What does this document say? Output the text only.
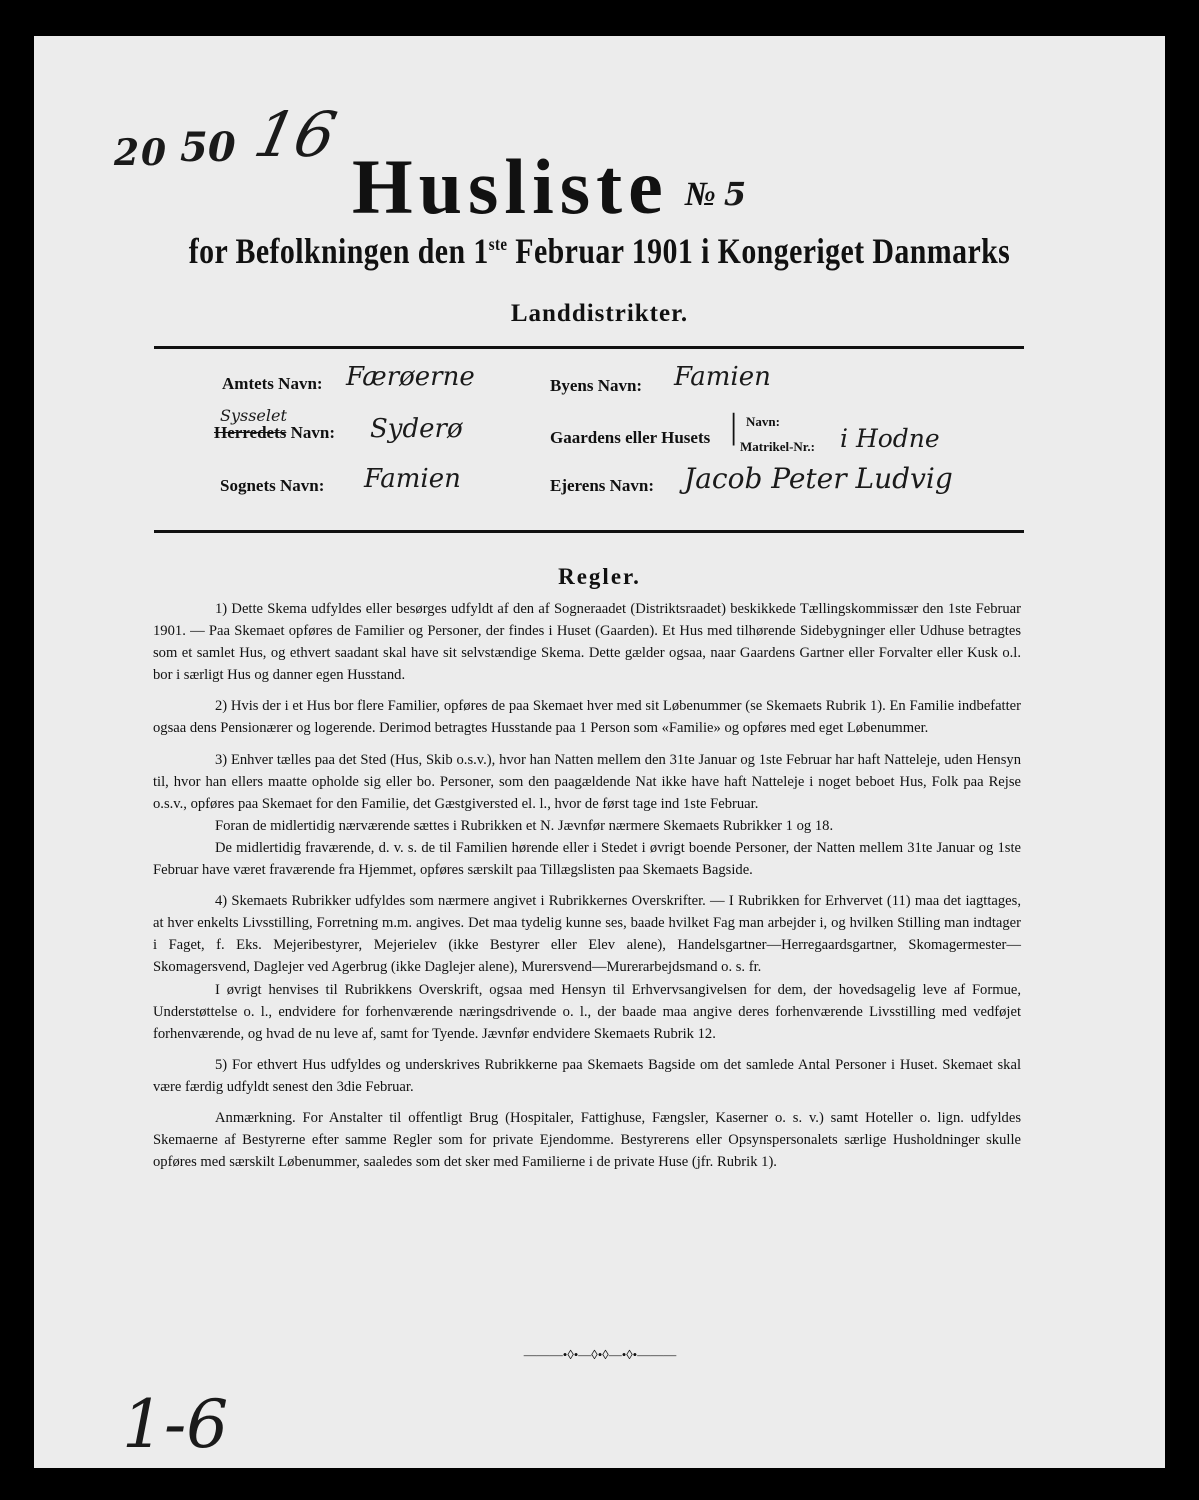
20 50 16
Husliste № 5
for Befolkningen den 1ste Februar 1901 i Kongeriget Danmarks
Landdistrikter.
Amtets Navn: Færøerne
Sysselet
Herredets Navn: Syderø
Sognets Navn: Famien
Byens Navn: Famien
Gaardens eller Husets | Navn:
Matrikel-Nr.: i Hodne
Ejerens Navn: Jacob Peter Ludvig
Regler.

1) Dette Skema udfyldes eller besørges udfyldt af den af Sogneraadet (Distriktsraadet) beskikkede Tællingskommissær den 1ste Februar 1901. — Paa Skemaet opføres de Familier og Personer, der findes i Huset (Gaarden). Et Hus med tilhørende Sidebygninger eller Udhuse betragtes som et samlet Hus, og ethvert saadant skal have sit selvstændige Skema. Dette gælder ogsaa, naar Gaardens Gartner eller Forvalter eller Kusk o.l. bor i særligt Hus og danner egen Husstand.

2) Hvis der i et Hus bor flere Familier, opføres de paa Skemaet hver med sit Løbenummer (se Skemaets Rubrik 1). En Familie indbefatter ogsaa dens Pensionærer og logerende. Derimod betragtes Husstande paa 1 Person som «Familie» og opføres med eget Løbenummer.

3) Enhver tælles paa det Sted (Hus, Skib o.s.v.), hvor han Natten mellem den 31te Januar og 1ste Februar har haft Natteleje, uden Hensyn til, hvor han ellers maatte opholde sig eller bo. Personer, som den paagældende Nat ikke have haft Natteleje i noget beboet Hus, Folk paa Rejse o.s.v., opføres paa Skemaet for den Familie, det Gæstgiversted el. l., hvor de først tage ind 1ste Februar.

Foran de midlertidig nærværende sættes i Rubrikken et N. Jævnfør nærmere Skemaets Rubrikker 1 og 18.

De midlertidig fraværende, d. v. s. de til Familien hørende eller i Stedet i øvrigt boende Personer, der Natten mellem 31te Januar og 1ste Februar have været fraværende fra Hjemmet, opføres særskilt paa Tillægslisten paa Skemaets Bagside.

4) Skemaets Rubrikker udfyldes som nærmere angivet i Rubrikkernes Overskrifter. — I Rubrikken for Erhvervet (11) maa det iagttages, at hver enkelts Livsstilling, Forretning m.m. angives. Det maa tydelig kunne ses, baade hvilket Fag man arbejder i, og hvilken Stilling man indtager i Faget, f. Eks. Mejeribestyrer, Mejerielev (ikke Bestyrer eller Elev alene), Handelsgartner—Herregaardsgartner, Skomagermester—Skomagersvend, Daglejer ved Agerbrug (ikke Daglejer alene), Murersvend—Murerarbejdsmand o. s. fr.

I øvrigt henvises til Rubrikkens Overskrift, ogsaa med Hensyn til Erhvervsangivelsen for dem, der hovedsagelig leve af Formue, Understøttelse o. l., endvidere for forhenværende næringsdrivende o. l., der baade maa angive deres forhenværende Livsstilling med vedføjet forhenværende, og hvad de nu leve af, samt for Tyende. Jævnfør endvidere Skemaets Rubrik 12.

5) For ethvert Hus udfyldes og underskrives Rubrikkerne paa Skemaets Bagside om det samlede Antal Personer i Huset. Skemaet skal være færdig udfyldt senest den 3die Februar.

Anmærkning. For Anstalter til offentligt Brug (Hospitaler, Fattighuse, Fængsler, Kaserner o. s. v.) samt Hoteller o. lign. udfyldes Skemaerne af Bestyrerne efter samme Regler som for private Ejendomme. Bestyrerens eller Opsynspersonalets særlige Husholdninger skulle opføres med særskilt Løbenummer, saaledes som det sker med Familierne i de private Huse (jfr. Rubrik 1).

———•◊•—◊•◊—•◊•———
1-6
